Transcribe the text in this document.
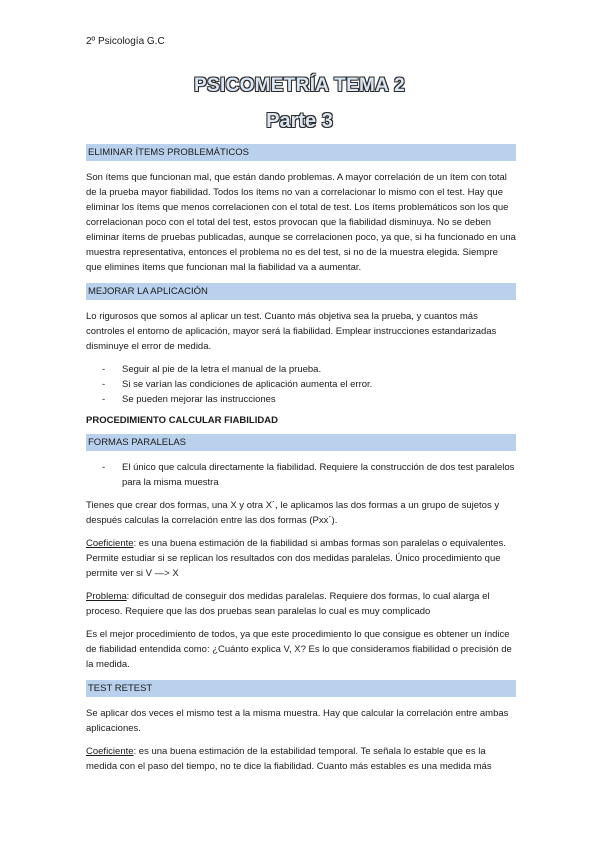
2º Psicología G.C
PSICOMETRÍA TEMA 2
Parte 3
ELIMINAR ÍTEMS PROBLEMÁTICOS

Son ítems que funcionan mal, que están dando problemas. A mayor correlación de un ítem con total de la prueba mayor fiabilidad. Todos los ítems no van a correlacionar lo mismo con el test. Hay que eliminar los ítems que menos correlacionen con el total de test. Los ítems problemáticos son los que correlacionan poco con el total del test, estos provocan que la fiabilidad disminuya. No se deben eliminar ítems de pruebas publicadas, aunque se correlacionen poco, ya que, si ha funcionado en una muestra representativa, entonces el problema no es del test, si no de la muestra elegida. Siempre que elimines ítems que funcionan mal la fiabilidad va a aumentar.

MEJORAR LA APLICACIÓN

Lo rigurosos que somos al aplicar un test. Cuanto más objetiva sea la prueba, y cuantos más controles el entorno de aplicación, mayor será la fiabilidad. Emplear instrucciones estandarizadas disminuye el error de medida.

- Seguir al pie de la letra el manual de la prueba.
- Si se varían las condiciones de aplicación aumenta el error.
- Se pueden mejorar las instrucciones
PROCEDIMIENTO CALCULAR FIABILIDAD
FORMAS PARALELAS
- El único que calcula directamente la fiabilidad. Requiere la construcción de dos test paralelos para la misma muestra

Tienes que crear dos formas, una X y otra X´, le aplicamos las dos formas a un grupo de sujetos y después calculas la correlación entre las dos formas (Pxx´).

Coeficiente: es una buena estimación de la fiabilidad si ambas formas son paralelas o equivalentes. Permite estudiar si se replican los resultados con dos medidas paralelas. Único procedimiento que permite ver si V —> X

Problema: dificultad de conseguir dos medidas paralelas. Requiere dos formas, lo cual alarga el proceso. Requiere que las dos pruebas sean paralelas lo cual es muy complicado

Es el mejor procedimiento de todos, ya que este procedimiento lo que consigue es obtener un índice de fiabilidad entendida como: ¿Cuánto explica V, X? Es lo que consideramos fiabilidad o precisión de la medida.

TEST RETEST

Se aplicar dos veces el mismo test a la misma muestra. Hay que calcular la correlación entre ambas aplicaciones.

Coeficiente: es una buena estimación de la estabilidad temporal. Te señala lo estable que es la medida con el paso del tiempo, no te dice la fiabilidad. Cuanto más estables es una medida más
